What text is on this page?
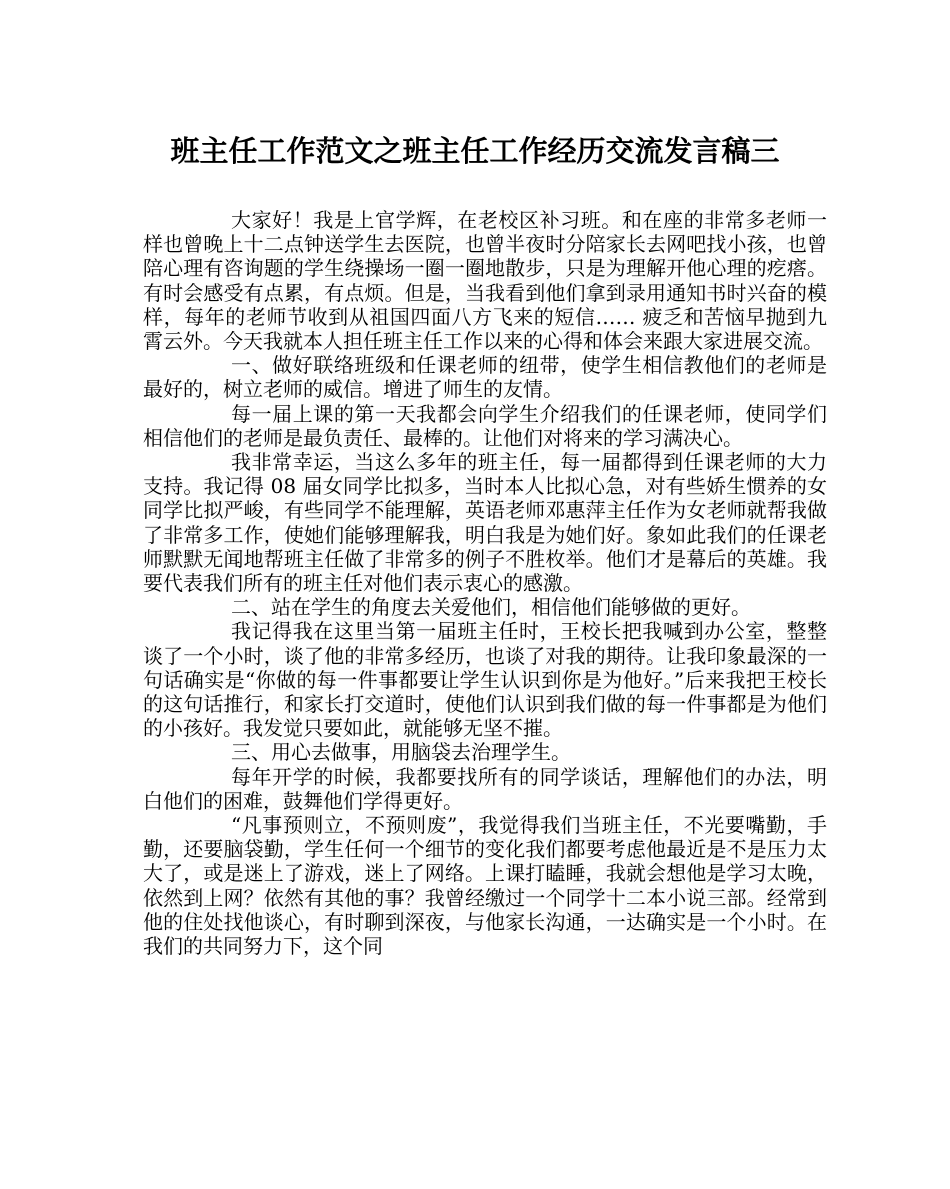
班主任工作范文之班主任工作经历交流发言稿三

大家好！我是上官学辉，在老校区补习班。和在座的非常多老师一样也曾晚上十二点钟送学生去医院，也曾半夜时分陪家长去网吧找小孩，也曾陪心理有咨询题的学生绕操场一圈一圈地散步，只是为理解开他心理的疙瘩。有时会感受有点累，有点烦。但是，当我看到他们拿到录用通知书时兴奋的模样，每年的老师节收到从祖国四面八方飞来的短信…… 疲乏和苦恼早抛到九霄云外。今天我就本人担任班主任工作以来的心得和体会来跟大家进展交流。

一、做好联络班级和任课老师的纽带，使学生相信教他们的老师是最好的，树立老师的威信。增进了师生的友情。

每一届上课的第一天我都会向学生介绍我们的任课老师，使同学们相信他们的老师是最负责任、最棒的。让他们对将来的学习满决心。

我非常幸运，当这么多年的班主任，每一届都得到任课老师的大力支持。我记得 08 届女同学比拟多，当时本人比拟心急，对有些娇生惯养的女同学比拟严峻，有些同学不能理解，英语老师邓惠萍主任作为女老师就帮我做了非常多工作，使她们能够理解我，明白我是为她们好。象如此我们的任课老师默默无闻地帮班主任做了非常多的例子不胜枚举。他们才是幕后的英雄。我要代表我们所有的班主任对他们表示衷心的感激。

二、站在学生的角度去关爱他们，相信他们能够做的更好。

我记得我在这里当第一届班主任时，王校长把我喊到办公室，整整谈了一个小时，谈了他的非常多经历，也谈了对我的期待。让我印象最深的一句话确实是“你做的每一件事都要让学生认识到你是为他好。”后来我把王校长的这句话推行，和家长打交道时，使他们认识到我们做的每一件事都是为他们的小孩好。我发觉只要如此，就能够无坚不摧。

三、用心去做事，用脑袋去治理学生。

每年开学的时候，我都要找所有的同学谈话，理解他们的办法，明白他们的困难，鼓舞他们学得更好。

“凡事预则立，不预则废”，我觉得我们当班主任，不光要嘴勤，手勤，还要脑袋勤，学生任何一个细节的变化我们都要考虑他最近是不是压力太大了，或是迷上了游戏，迷上了网络。上课打瞌睡，我就会想他是学习太晚，依然到上网？依然有其他的事？我曾经缴过一个同学十二本小说三部。经常到他的住处找他谈心，有时聊到深夜，与他家长沟通，一达确实是一个小时。在我们的共同努力下，这个同
